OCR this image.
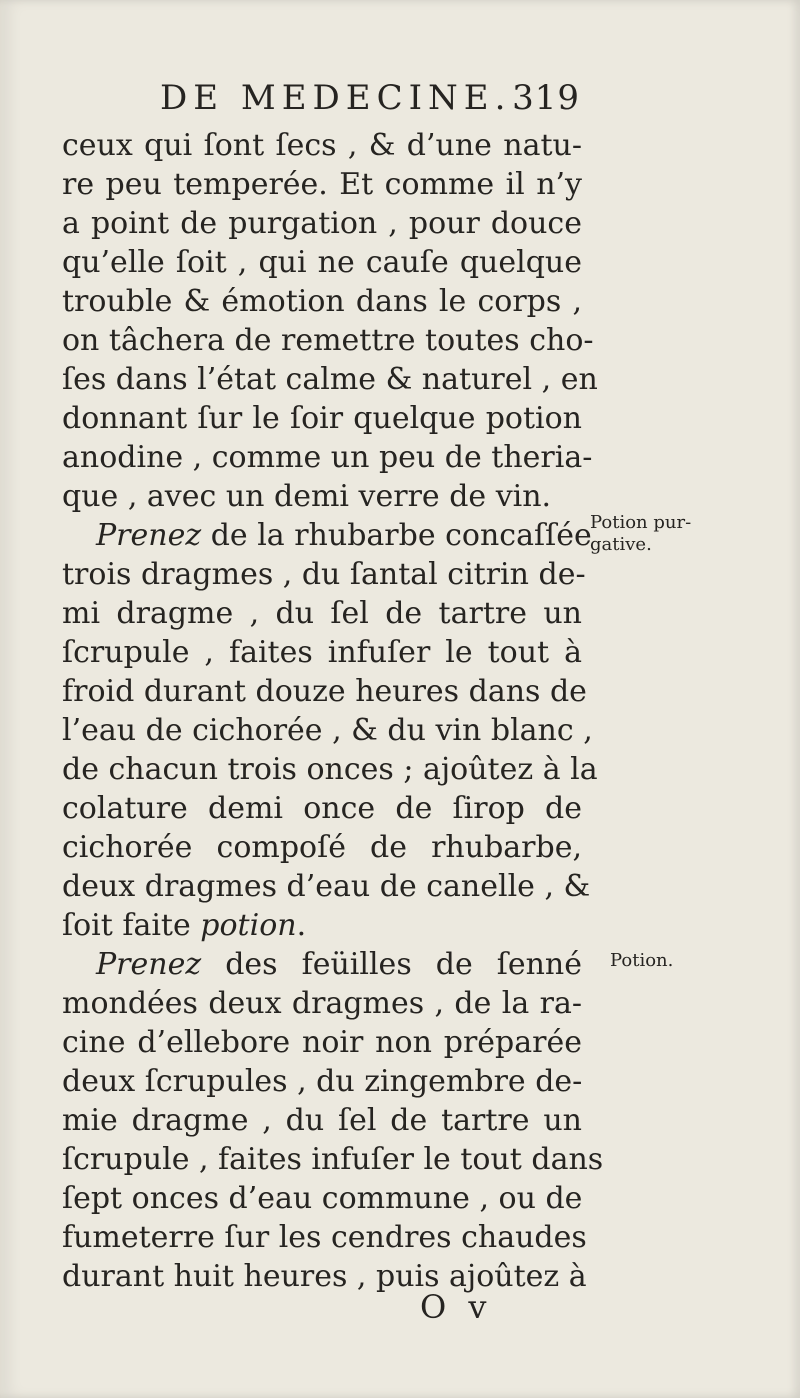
DE MEDECINE. 319
ceux qui ſont ſecs , & d’une natu-
re peu temperée. Et comme il n’y
a point de purgation , pour douce
qu’elle ſoit , qui ne cauſe quelque
trouble & émotion dans le corps ,
on tâchera de remettre toutes cho-
ſes dans l’état calme & naturel , en
donnant ſur le ſoir quelque potion
anodine , comme un peu de theria-
que , avec un demi verre de vin.
Prenez de la rhubarbe concaſſée
trois dragmes , du ſantal citrin de-
mi dragme , du ſel de tartre un
ſcrupule , faites infuſer le tout à
froid durant douze heures dans de
l’eau de cichorée , & du vin blanc ,
de chacun trois onces ; ajoûtez à la
colature demi once de ſirop de
cichorée compoſé de rhubarbe,
deux dragmes d’eau de canelle , &
ſoit faite potion.
Prenez des feüilles de ſenné
mondées deux dragmes , de la ra-
cine d’ellebore noir non préparée
deux ſcrupules , du zingembre de-
mie dragme , du ſel de tartre un
ſcrupule , faites infuſer le tout dans
ſept onces d’eau commune , ou de
fumeterre ſur les cendres chaudes
durant huit heures , puis ajoûtez à
Potion pur-
gative.
Potion.
O v
